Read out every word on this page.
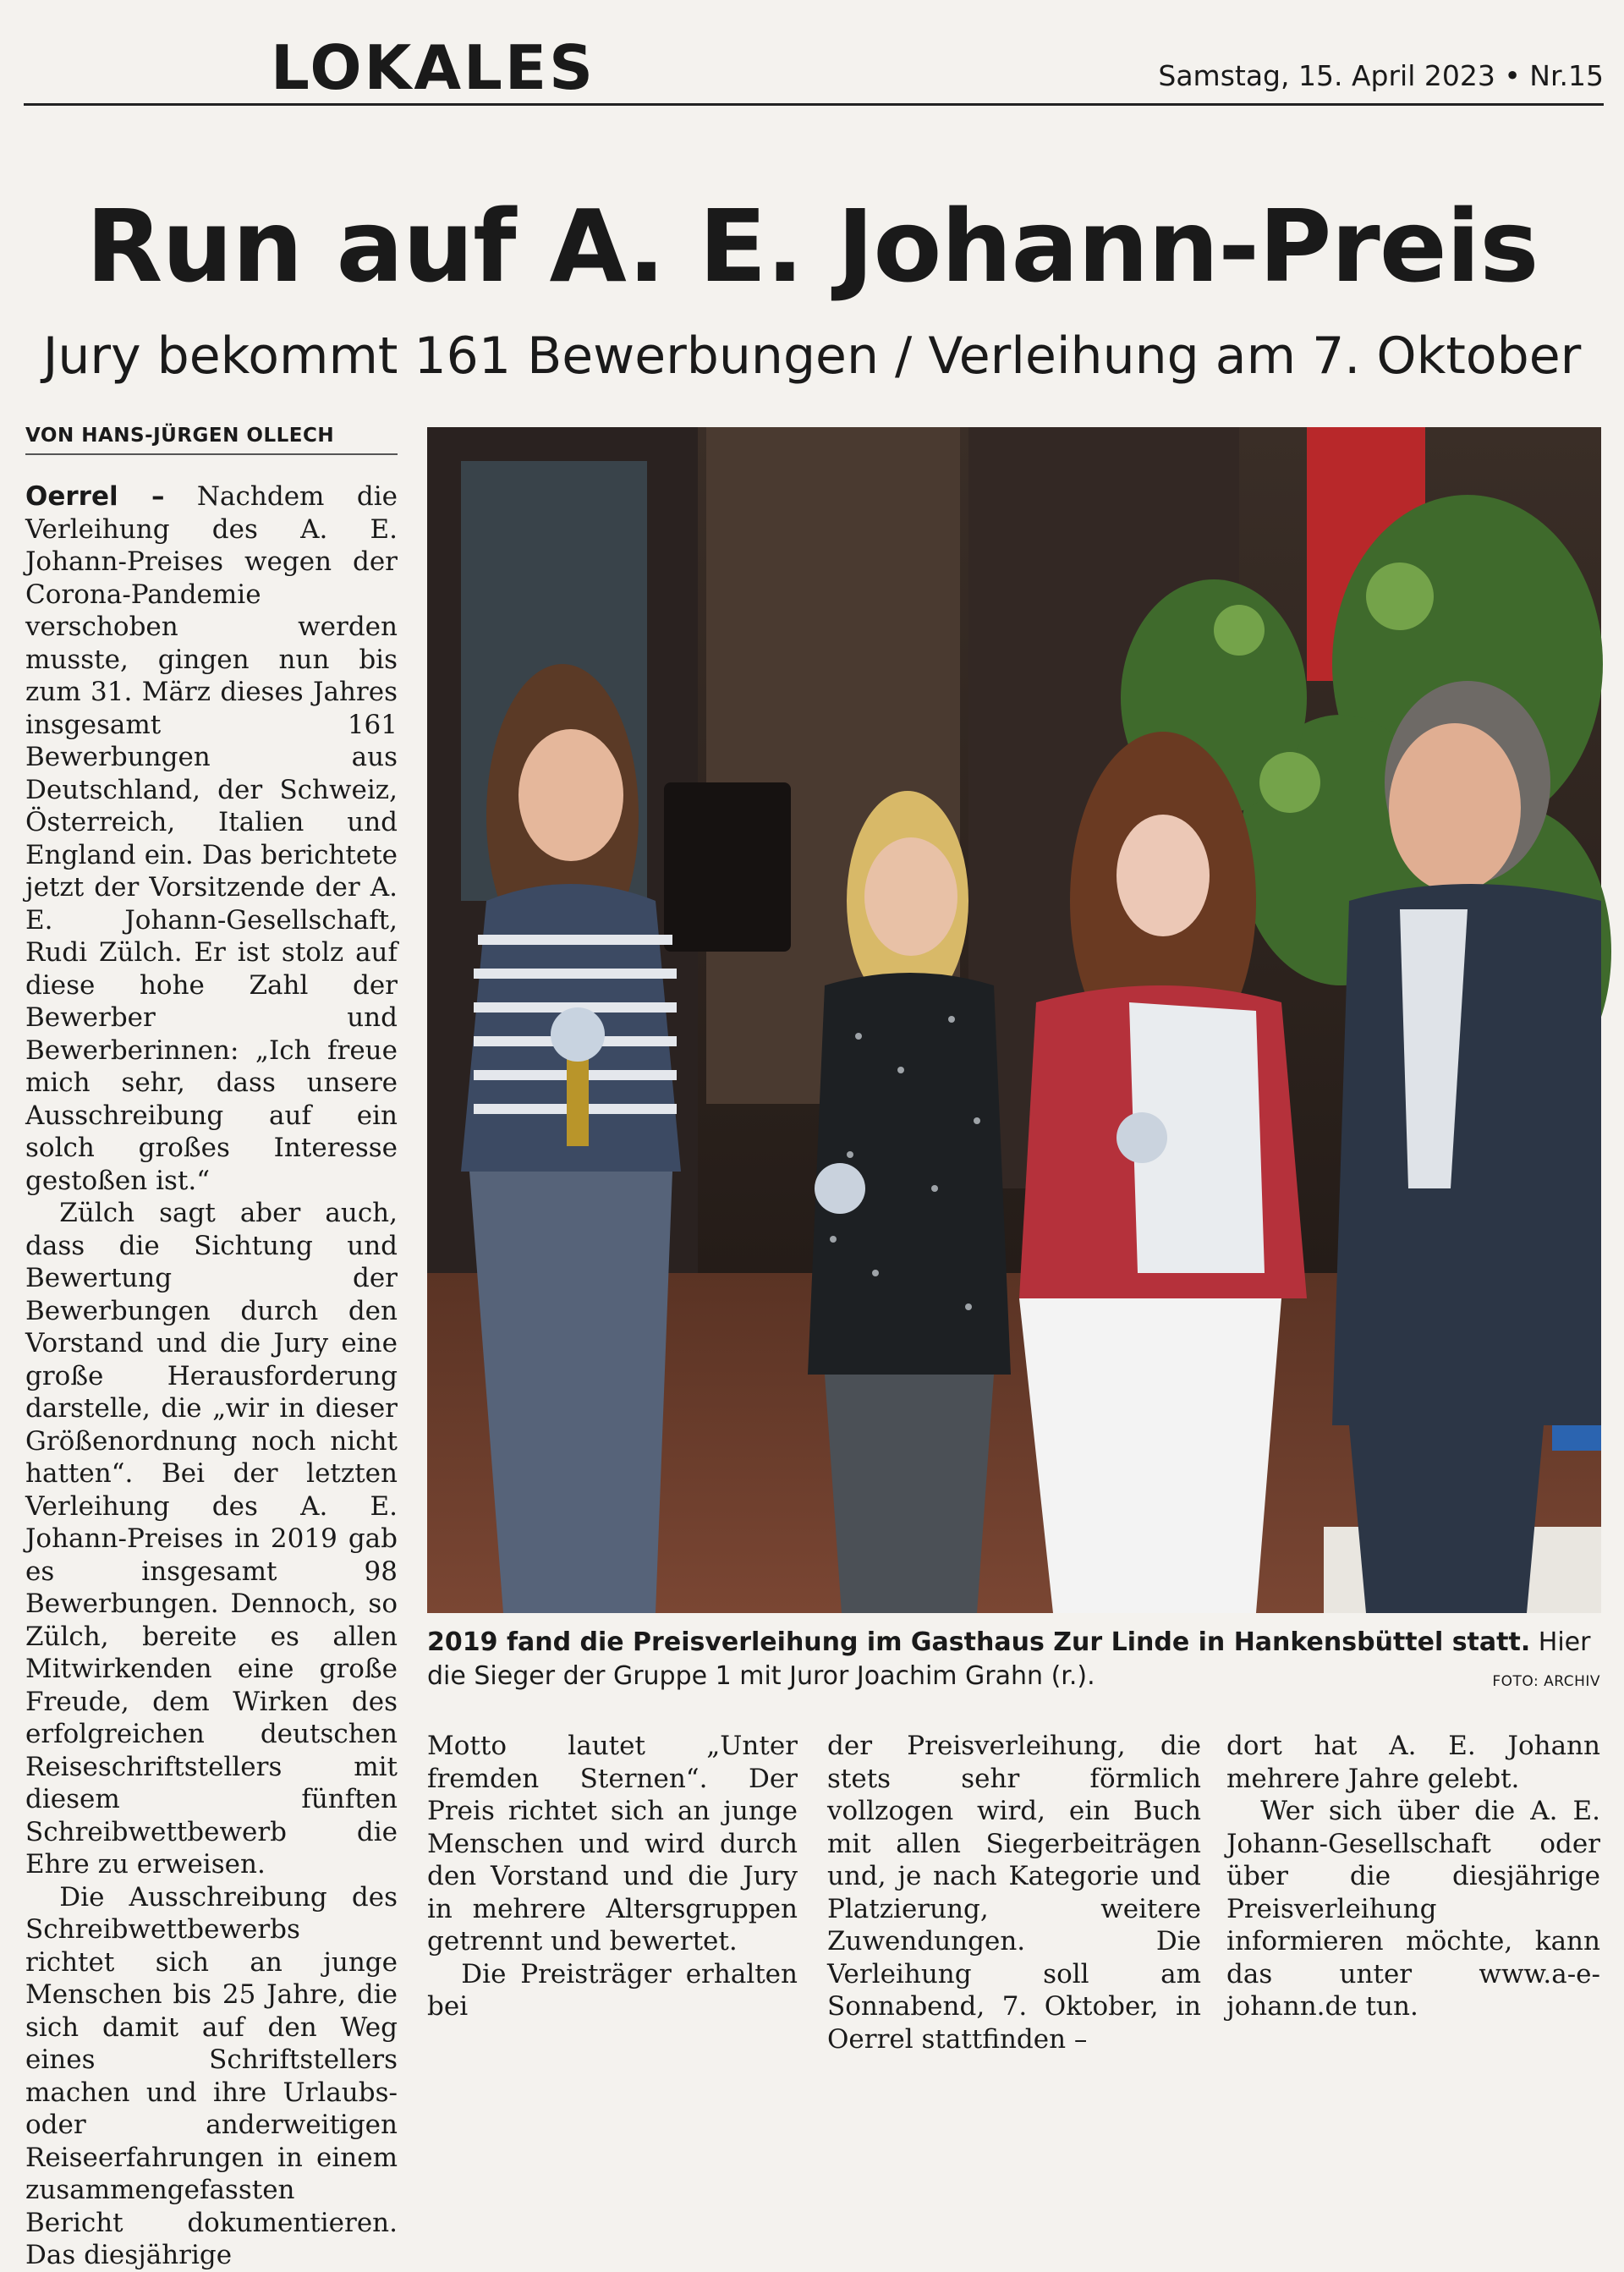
LOKALES	Samstag, 15. April 2023 • Nr.15
Run auf A. E. Johann-Preis
Jury bekommt 161 Bewerbungen / Verleihung am 7. Oktober
VON HANS-JÜRGEN OLLECH

Oerrel – Nachdem die Verleihung des A. E. Johann-Preises wegen der Corona-Pandemie verschoben werden musste, gingen nun bis zum 31. März dieses Jahres insgesamt 161 Bewerbungen aus Deutschland, der Schweiz, Österreich, Italien und England ein. Das berichtete jetzt der Vorsitzende der A. E. Johann-Gesellschaft, Rudi Zülch. Er ist stolz auf diese hohe Zahl der Bewerber und Bewerberinnen: „Ich freue mich sehr, dass unsere Ausschreibung auf ein solch großes Interesse gestoßen ist.“

Zülch sagt aber auch, dass die Sichtung und Bewertung der Bewerbungen durch den Vorstand und die Jury eine große Herausforderung darstelle, die „wir in dieser Größenordnung noch nicht hatten“. Bei der letzten Verleihung des A. E. Johann-Preises in 2019 gab es insgesamt 98 Bewerbungen. Dennoch, so Zülch, bereite es allen Mitwirkenden eine große Freude, dem Wirken des erfolgreichen deutschen Reiseschriftstellers mit diesem fünften Schreibwettbewerb die Ehre zu erweisen.

Die Ausschreibung des Schreibwettbewerbs richtet sich an junge Menschen bis 25 Jahre, die sich damit auf den Weg eines Schriftstellers machen und ihre Urlaubs- oder anderweitigen Reiseerfahrungen in einem zusammengefassten Bericht dokumentieren. Das diesjährige

2019 fand die Preisverleihung im Gasthaus Zur Linde in Hankensbüttel statt. Hier die Sieger der Gruppe 1 mit Juror Joachim Grahn (r.).	FOTO: ARCHIV

Motto lautet „Unter fremden Sternen“. Der Preis richtet sich an junge Menschen und wird durch den Vorstand und die Jury in mehrere Altersgruppen getrennt und bewertet.

Die Preisträger erhalten bei

der Preisverleihung, die stets sehr förmlich vollzogen wird, ein Buch mit allen Siegerbeiträgen und, je nach Kategorie und Platzierung, weitere Zuwendungen. Die Verleihung soll am Sonnabend, 7. Oktober, in Oerrel stattfinden –

dort hat A. E. Johann mehrere Jahre gelebt.

Wer sich über die A. E. Johann-Gesellschaft oder über die diesjährige Preisverleihung informieren möchte, kann das unter www.a-e-johann.de tun.
